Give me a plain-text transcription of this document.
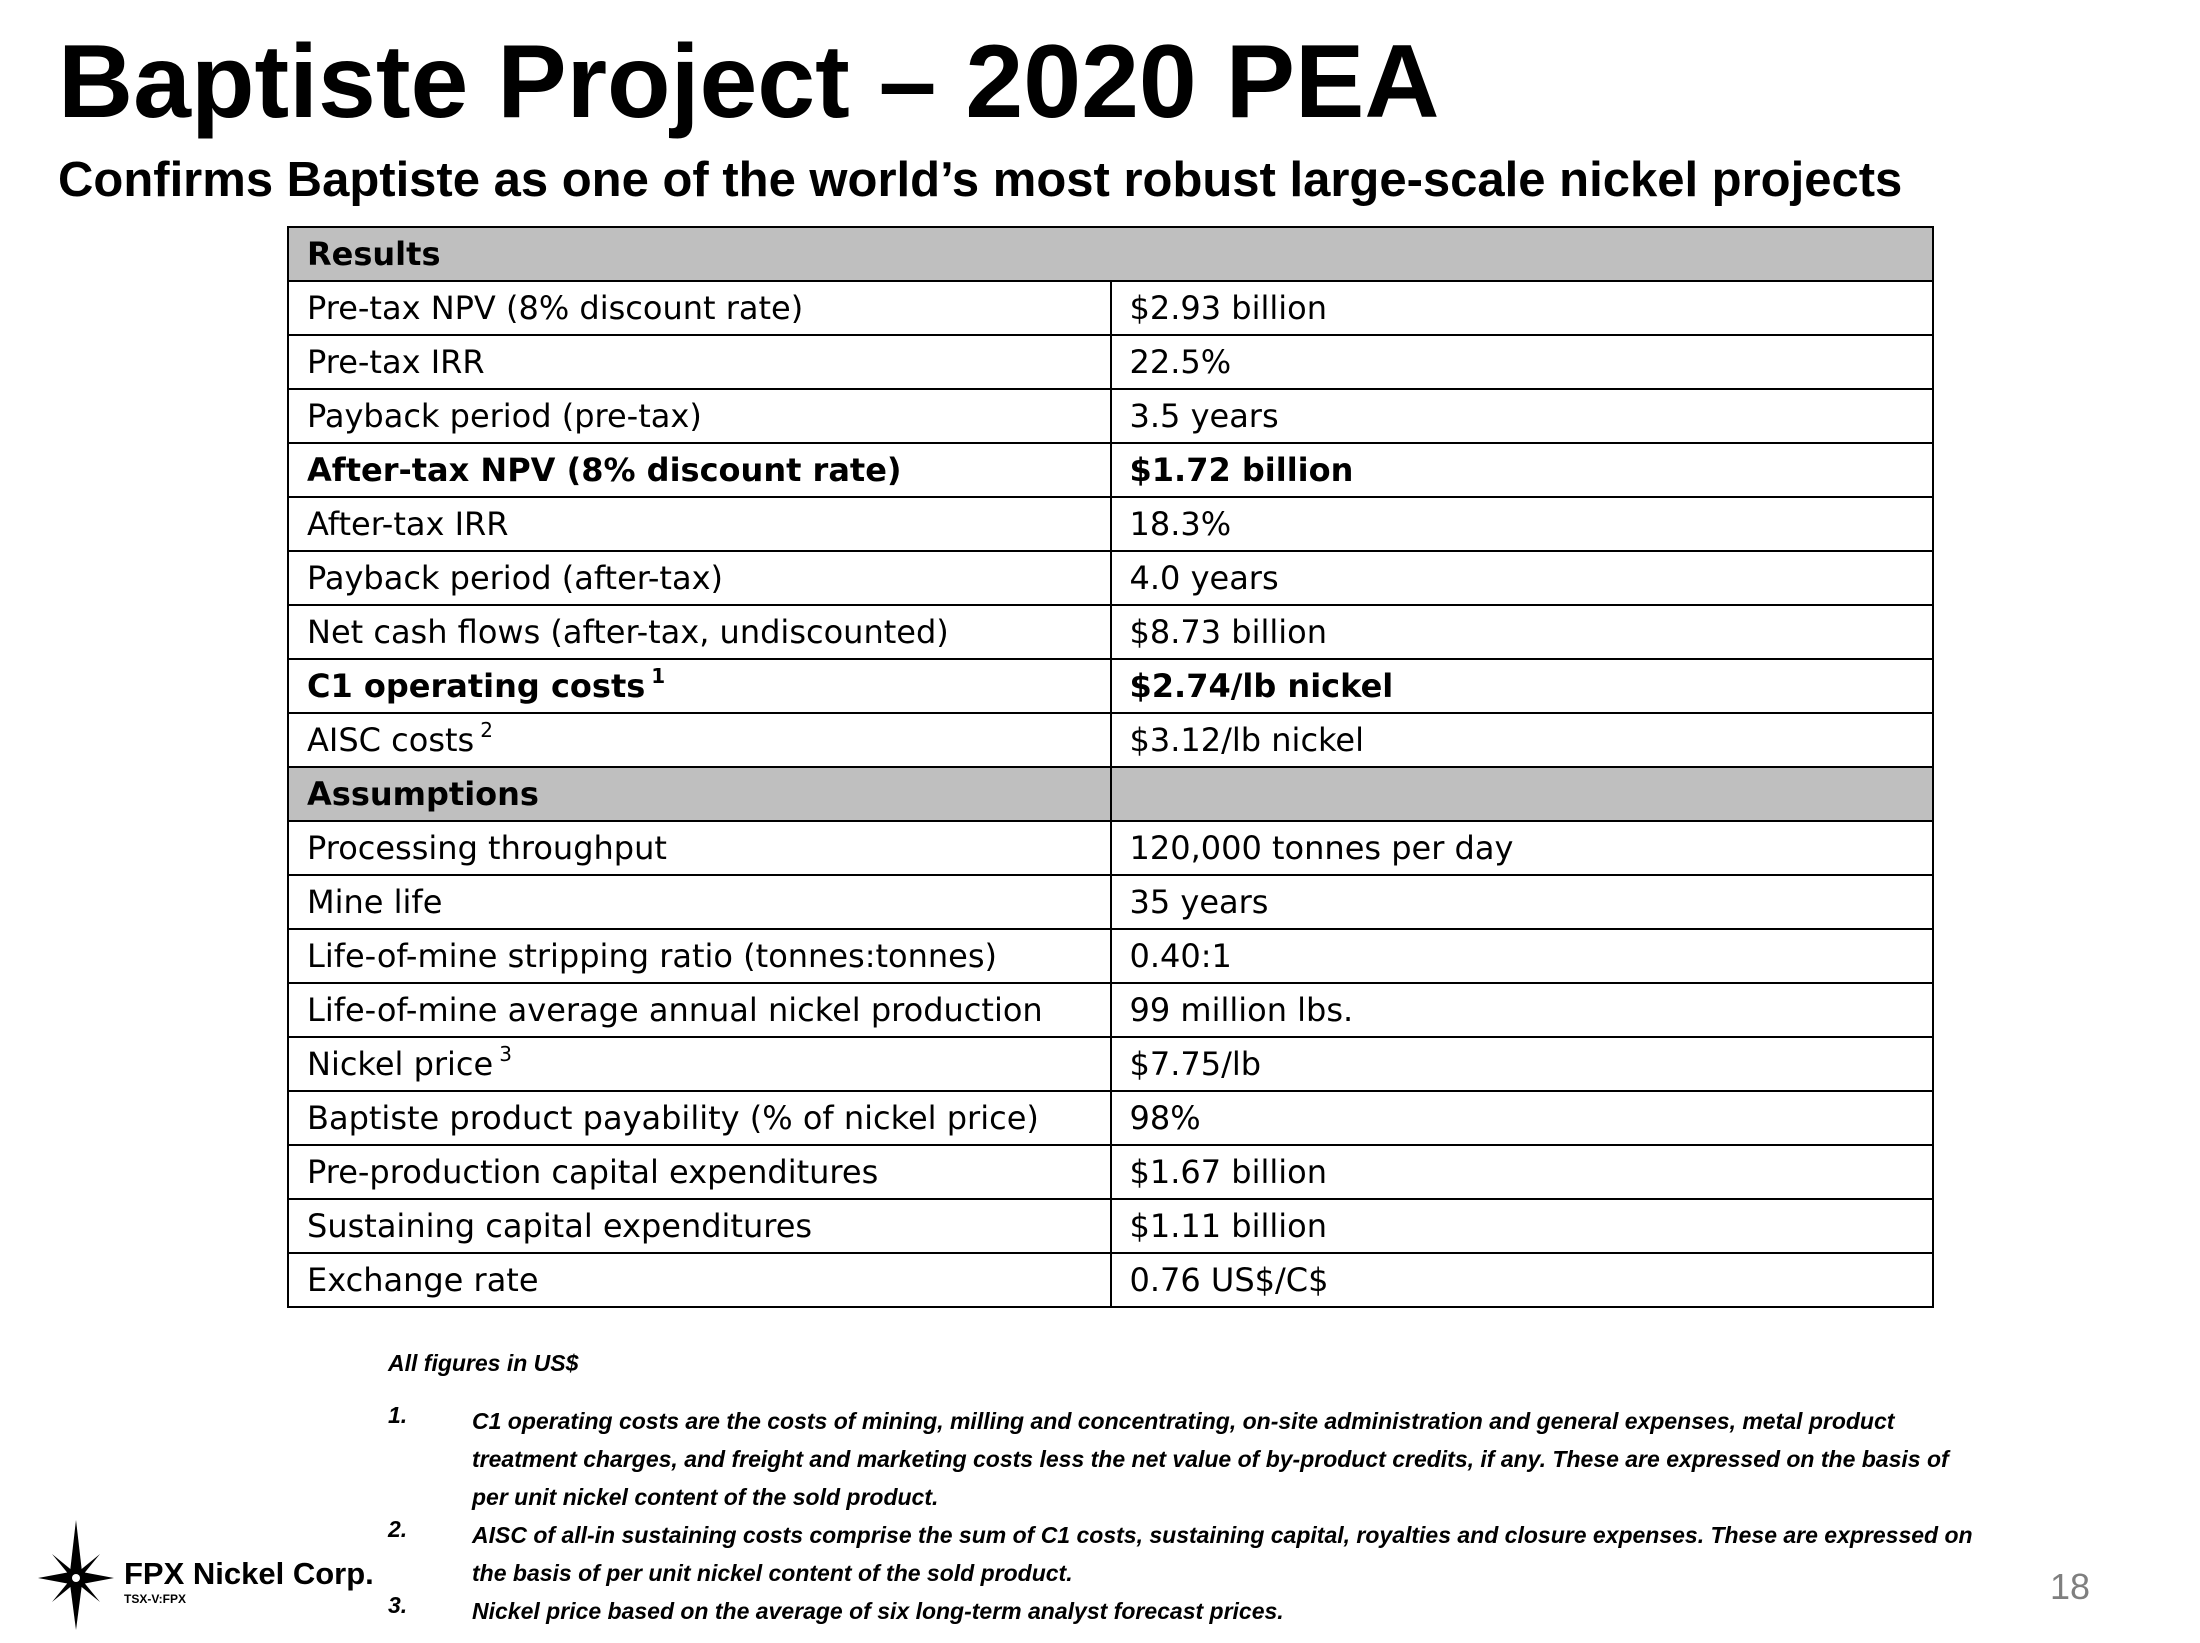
Baptiste Project – 2020 PEA
Confirms Baptiste as one of the world’s most robust large-scale nickel projects
Results	
Pre-tax NPV (8% discount rate)	$2.93 billion
Pre-tax IRR	22.5%
Payback period (pre-tax)	3.5 years
After-tax NPV (8% discount rate)	$1.72 billion
After-tax IRR	18.3%
Payback period (after-tax)	4.0 years
Net cash flows (after-tax, undiscounted)	$8.73 billion
C1 operating costs $^1$	$2.74/lb nickel
AISC costs $^2$	$3.12/lb nickel
Assumptions	
Processing throughput	120,000 tonnes per day
Mine life	35 years
Life-of-mine stripping ratio (tonnes:tonnes)	0.40:1
Life-of-mine average annual nickel production	99 million lbs.
Nickel price $^3$	$7.75/lb
Baptiste product payability (% of nickel price)	98%
Pre-production capital expenditures	$1.67 billion
Sustaining capital expenditures	$1.11 billion
Exchange rate	0.76 US$/C$
All figures in US$
1.	C1 operating costs are the costs of mining, milling and concentrating, on-site administration and general expenses, metal product
treatment charges, and freight and marketing costs less the net value of by-product credits, if any. These are expressed on the basis of
per unit nickel content of the sold product.
2.	AISC of all-in sustaining costs comprise the sum of C1 costs, sustaining capital, royalties and closure expenses. These are expressed on
the basis of per unit nickel content of the sold product.
3.	Nickel price based on the average of six long-term analyst forecast prices.
FPX Nickel Corp.
TSX-V:FPX	18
